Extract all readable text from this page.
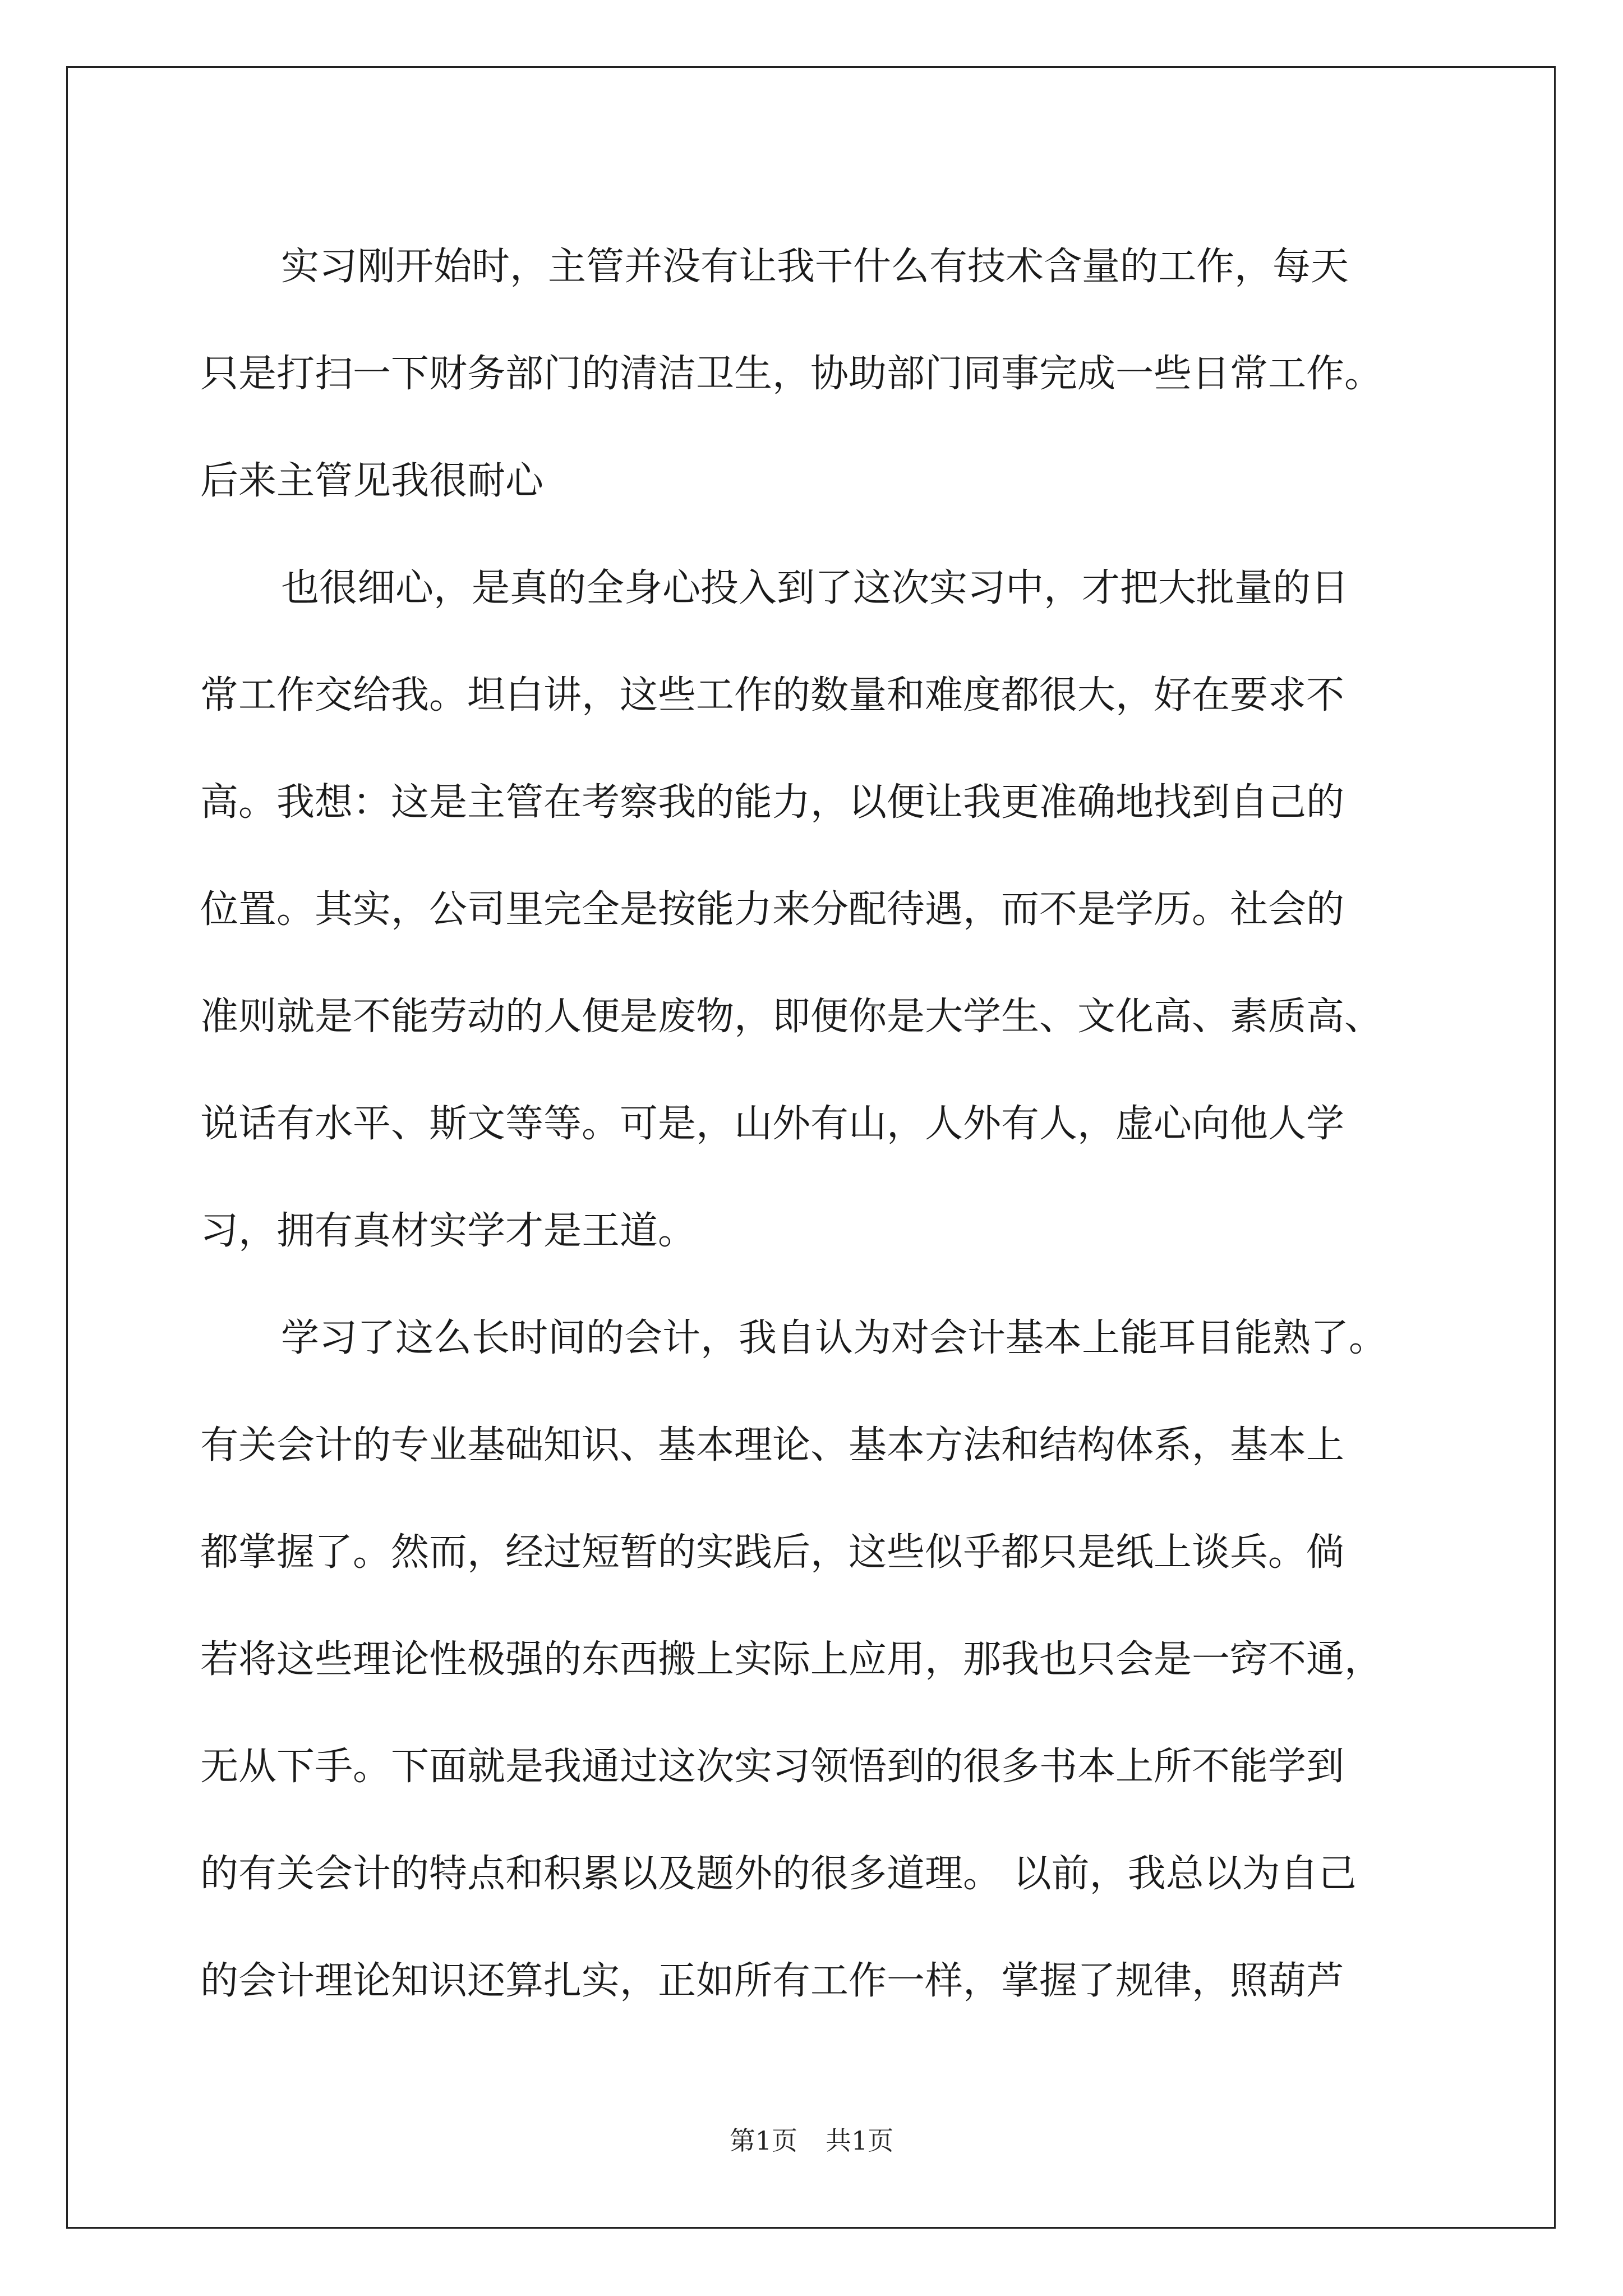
实习刚开始时，主管并没有让我干什么有技术含量的工作，每天
只是打扫一下财务部门的清洁卫生，协助部门同事完成一些日常工作。
后来主管见我很耐心
也很细心，是真的全身心投入到了这次实习中，才把大批量的日
常工作交给我。坦白讲，这些工作的数量和难度都很大，好在要求不
高。我想：这是主管在考察我的能力，以便让我更准确地找到自己的
位置。其实，公司里完全是按能力来分配待遇，而不是学历。社会的
准则就是不能劳动的人便是废物，即便你是大学生、文化高、素质高、
说话有水平、斯文等等。可是，山外有山，人外有人，虚心向他人学
习，拥有真材实学才是王道。
学习了这么长时间的会计，我自认为对会计基本上能耳目能熟了。
有关会计的专业基础知识、基本理论、基本方法和结构体系，基本上
都掌握了。然而，经过短暂的实践后，这些似乎都只是纸上谈兵。倘
若将这些理论性极强的东西搬上实际上应用，那我也只会是一窍不通，
无从下手。下面就是我通过这次实习领悟到的很多书本上所不能学到
的有关会计的特点和积累以及题外的很多道理。 以前，我总以为自己
的会计理论知识还算扎实，正如所有工作一样，掌握了规律，照葫芦
第1页 共1页
